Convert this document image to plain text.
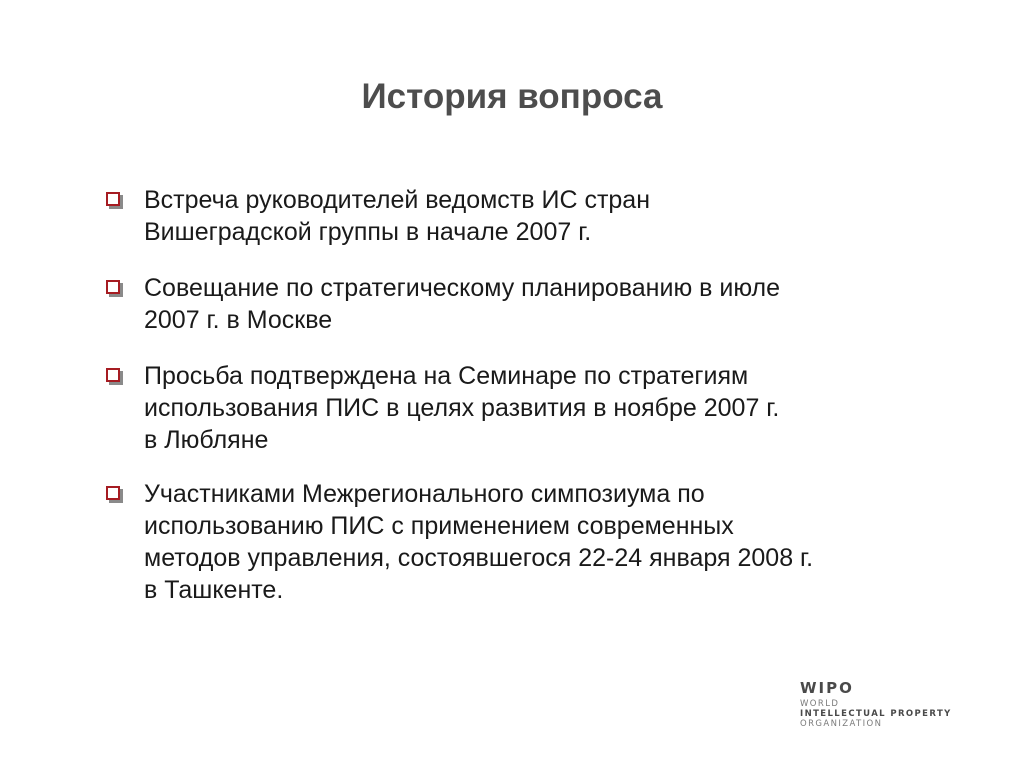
История вопроса
Встреча руководителей ведомств ИС стран
Вишеградской группы в начале 2007 г.
Совещание по стратегическому планированию в июле
2007 г. в Москве
Просьба подтверждена на Семинаре по стратегиям
использования ПИС в целях развития в ноябре 2007 г.
в Любляне
Участниками Межрегионального симпозиума по
использованию ПИС с применением современных
методов управления, состоявшегося 22-24 января 2008 г.
в Ташкенте.
WIPO
WORLD
INTELLECTUAL PROPERTY
ORGANIZATION
